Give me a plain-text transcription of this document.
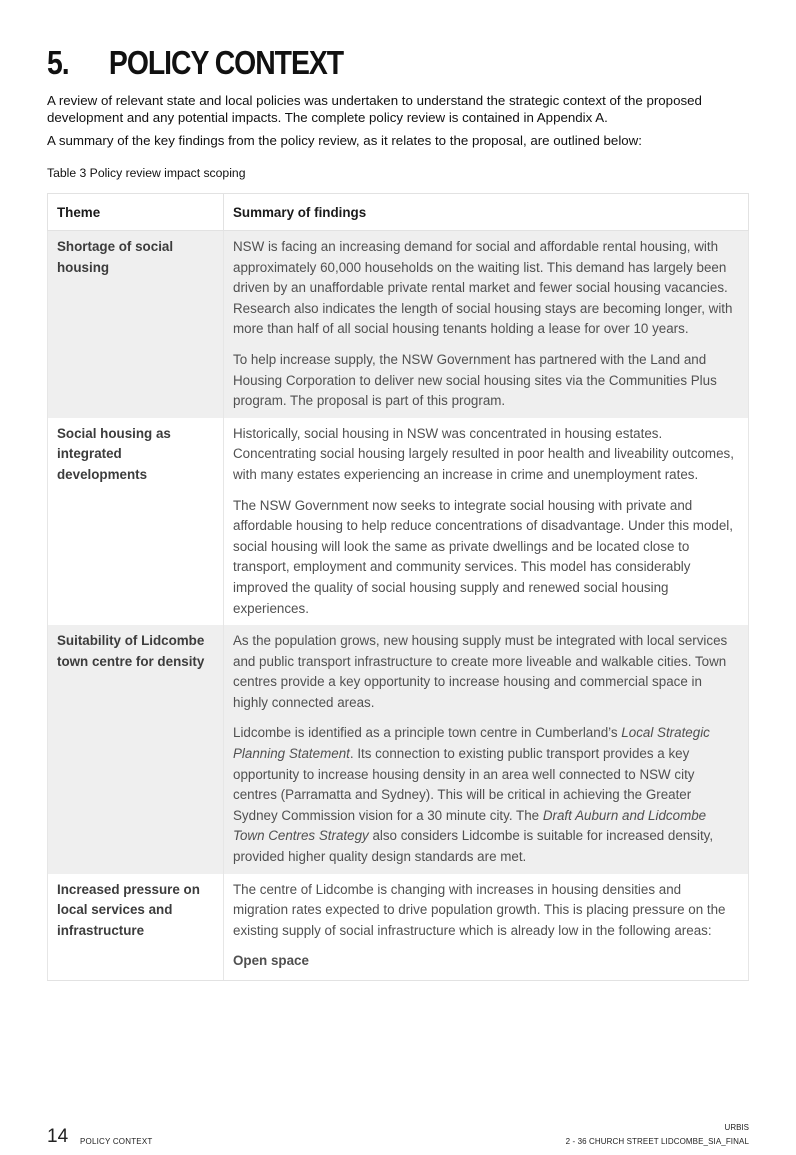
5. POLICY CONTEXT

A review of relevant state and local policies was undertaken to understand the strategic context of the proposed development and any potential impacts. The complete policy review is contained in Appendix A.

A summary of the key findings from the policy review, as it relates to the proposal, are outlined below:

Table 3 Policy review impact scoping
Theme	Summary of findings
Shortage of social housing	NSW is facing an increasing demand for social and affordable rental housing, with approximately 60,000 households on the waiting list. This demand has largely been driven by an unaffordable private rental market and fewer social housing vacancies. Research also indicates the length of social housing stays are becoming longer, with more than half of all social housing tenants holding a lease for over 10 years.

To help increase supply, the NSW Government has partnered with the Land and Housing Corporation to deliver new social housing sites via the Communities Plus program. The proposal is part of this program.

Social housing as integrated developments	Historically, social housing in NSW was concentrated in housing estates. Concentrating social housing largely resulted in poor health and liveability outcomes, with many estates experiencing an increase in crime and unemployment rates.

The NSW Government now seeks to integrate social housing with private and affordable housing to help reduce concentrations of disadvantage. Under this model, social housing will look the same as private dwellings and be located close to transport, employment and community services. This model has considerably improved the quality of social housing supply and renewed social housing experiences.

Suitability of Lidcombe town centre for density	As the population grows, new housing supply must be integrated with local services and public transport infrastructure to create more liveable and walkable cities. Town centres provide a key opportunity to increase housing and commercial space in highly connected areas.

Lidcombe is identified as a principle town centre in Cumberland’s Local Strategic Planning Statement. Its connection to existing public transport provides a key opportunity to increase housing density in an area well connected to NSW city centres (Parramatta and Sydney). This will be critical in achieving the Greater Sydney Commission vision for a 30 minute city. The Draft Auburn and Lidcombe Town Centres Strategy also considers Lidcombe is suitable for increased density, provided higher quality design standards are met.

Increased pressure on local services and infrastructure	The centre of Lidcombe is changing with increases in housing densities and migration rates expected to drive population growth. This is placing pressure on the existing supply of social infrastructure which is already low in the following areas:

Open space

14 POLICY CONTEXT
URBIS
2 - 36 CHURCH STREET LIDCOMBE_SIA_FINAL
